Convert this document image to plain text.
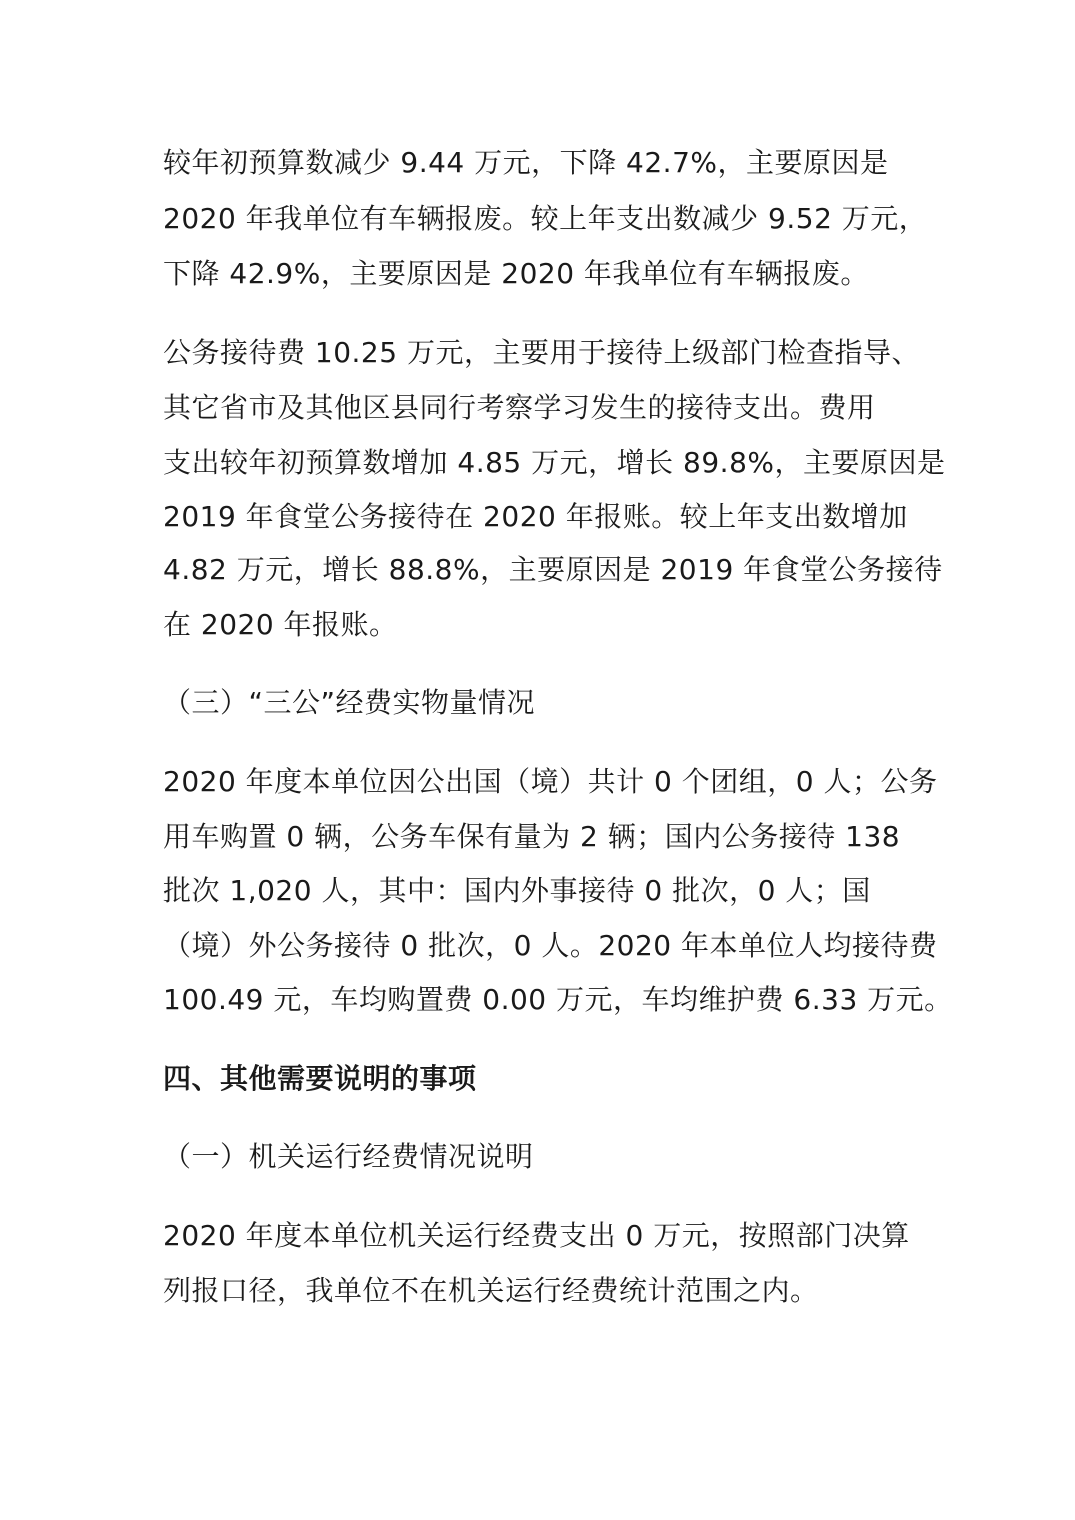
较年初预算数减少 9.44 万元，下降 42.7%，主要原因是
2020 年我单位有车辆报废。较上年支出数减少 9.52 万元，
下降 42.9%，主要原因是 2020 年我单位有车辆报废。
公务接待费 10.25 万元，主要用于接待上级部门检查指导、
其它省市及其他区县同行考察学习发生的接待支出。费用
支出较年初预算数增加 4.85 万元，增长 89.8%，主要原因是
2019 年食堂公务接待在 2020 年报账。较上年支出数增加
4.82 万元，增长 88.8%，主要原因是 2019 年食堂公务接待
在 2020 年报账。
（三）“三公”经费实物量情况
2020 年度本单位因公出国（境）共计 0 个团组，0 人；公务
用车购置 0 辆，公务车保有量为 2 辆；国内公务接待 138
批次 1,020 人，其中：国内外事接待 0 批次，0 人；国
（境）外公务接待 0 批次，0 人。2020 年本单位人均接待费
100.49 元，车均购置费 0.00 万元，车均维护费 6.33 万元。
四、其他需要说明的事项
（一）机关运行经费情况说明
2020 年度本单位机关运行经费支出 0 万元，按照部门决算
列报口径，我单位不在机关运行经费统计范围之内。
